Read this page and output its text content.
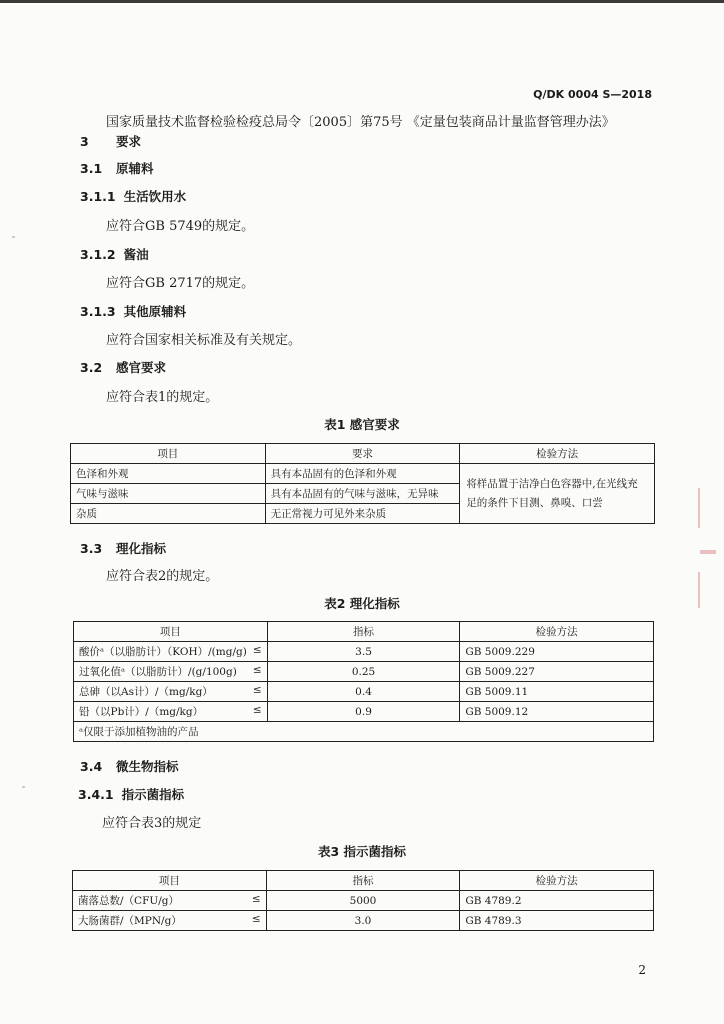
Q/DK 0004 S—2018
国家质量技术监督检验检疫总局令〔2005〕第75号 《定量包装商品计量监督管理办法》
3 要求
3.1 原辅料
3.1.1 生活饮用水
应符合GB 5749的规定。
3.1.2 酱油
应符合GB 2717的规定。
3.1.3 其他原辅料
应符合国家相关标准及有关规定。
3.2 感官要求
应符合表1的规定。
表1 感官要求
项目	要求	检验方法
色泽和外观	具有本品固有的色泽和外观	将样品置于洁净白色容器中,在光线充足的条件下目测、鼻嗅、口尝
气味与滋味	具有本品固有的气味与滋味，无异味	
杂质	无正常视力可见外来杂质	
3.3 理化指标
应符合表2的规定。
表2 理化指标
项目	指标	检验方法
酸价ᵃ（以脂肪计）（KOH）/(mg/g) ≤	3.5	GB 5009.229
过氧化值ᵃ（以脂肪计）/(g/100g) ≤	0.25	GB 5009.227
总砷（以As计）/（mg/kg） ≤	0.4	GB 5009.11
铅（以Pb计）/（mg/kg） ≤	0.9	GB 5009.12
ᵃ仅限于添加植物油的产品		
3.4 微生物指标
3.4.1 指示菌指标
应符合表3的规定
表3 指示菌指标
项目	指标	检验方法
菌落总数/（CFU/g） ≤	5000	GB 4789.2
大肠菌群/（MPN/g） ≤	3.0	GB 4789.3
2
